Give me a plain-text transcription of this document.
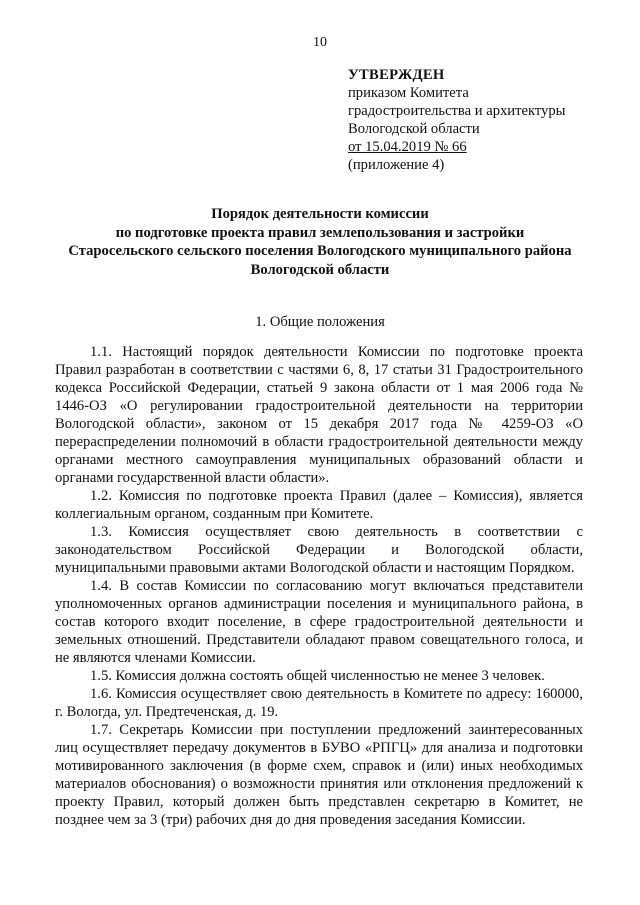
10
УТВЕРЖДЕН
приказом Комитета
градостроительства и архитектуры
Вологодской области
от 15.04.2019 № 66
(приложение 4)
Порядок деятельности комиссии
по подготовке проекта правил землепользования и застройки
Старосельского сельского поселения Вологодского муниципального района
Вологодской области
1. Общие положения

1.1. Настоящий порядок деятельности Комиссии по подготовке проекта Правил разработан в соответствии с частями 6, 8, 17 статьи 31 Градостроительного кодекса Российской Федерации, статьей 9 закона области от 1 мая 2006 года № 1446-ОЗ «О регулировании градостроительной деятельности на территории Вологодской области», законом от 15 декабря 2017 года № 4259-ОЗ «О перераспределении полномочий в области градостроительной деятельности между органами местного самоуправления муниципальных образований области и органами государственной власти области».

1.2. Комиссия по подготовке проекта Правил (далее – Комиссия), является коллегиальным органом, созданным при Комитете.

1.3. Комиссия осуществляет свою деятельность в соответствии с законодательством Российской Федерации и Вологодской области, муниципальными правовыми актами Вологодской области и настоящим Порядком.

1.4. В состав Комиссии по согласованию могут включаться представители уполномоченных органов администрации поселения и муниципального района, в состав которого входит поселение, в сфере градостроительной деятельности и земельных отношений. Представители обладают правом совещательного голоса, и не являются членами Комиссии.

1.5. Комиссия должна состоять общей численностью не менее 3 человек.

1.6. Комиссия осуществляет свою деятельность в Комитете по адресу: 160000, г. Вологда, ул. Предтеченская, д. 19.

1.7. Секретарь Комиссии при поступлении предложений заинтересованных лиц осуществляет передачу документов в БУВО «РПГЦ» для анализа и подготовки мотивированного заключения (в форме схем, справок и (или) иных необходимых материалов обоснования) о возможности принятия или отклонения предложений к проекту Правил, который должен быть представлен секретарю в Комитет, не позднее чем за 3 (три) рабочих дня до дня проведения заседания Комиссии.
